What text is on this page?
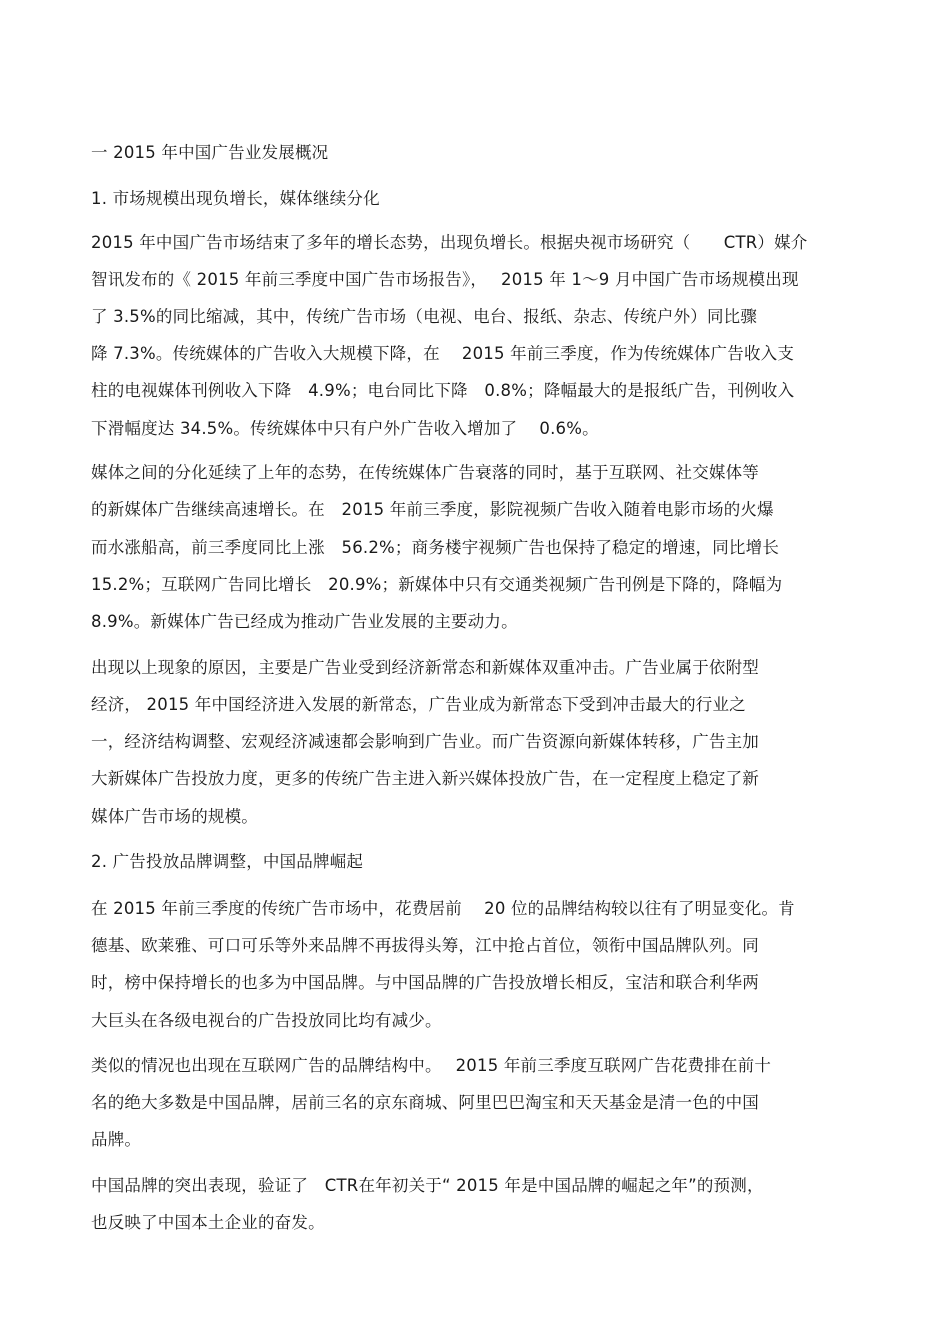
一 2015 年中国广告业发展概况
1. 市场规模出现负增长，媒体继续分化
2015 年中国广告市场结束了多年的增长态势，出现负增长。根据央视市场研究（　　CTR）媒介
智讯发布的《 2015 年前三季度中国广告市场报告》，　 2015 年 1～9 月中国广告市场规模出现
了 3.5%的同比缩减，其中，传统广告市场（电视、电台、报纸、杂志、传统户外）同比骤
降 7.3%。传统媒体的广告收入大规模下降，在　 2015 年前三季度，作为传统媒体广告收入支
柱的电视媒体刊例收入下降　4.9%；电台同比下降　0.8%；降幅最大的是报纸广告，刊例收入
下滑幅度达 34.5%。传统媒体中只有户外广告收入增加了　 0.6%。
媒体之间的分化延续了上年的态势，在传统媒体广告衰落的同时，基于互联网、社交媒体等
的新媒体广告继续高速增长。在　2015 年前三季度，影院视频广告收入随着电影市场的火爆
而水涨船高，前三季度同比上涨　56.2%；商务楼宇视频广告也保持了稳定的增速，同比增长
15.2%；互联网广告同比增长　20.9%；新媒体中只有交通类视频广告刊例是下降的，降幅为
8.9%。新媒体广告已经成为推动广告业发展的主要动力。
出现以上现象的原因，主要是广告业受到经济新常态和新媒体双重冲击。广告业属于依附型
经济， 2015 年中国经济进入发展的新常态，广告业成为新常态下受到冲击最大的行业之
一，经济结构调整、宏观经济减速都会影响到广告业。而广告资源向新媒体转移，广告主加
大新媒体广告投放力度，更多的传统广告主进入新兴媒体投放广告，在一定程度上稳定了新
媒体广告市场的规模。
2. 广告投放品牌调整，中国品牌崛起
在 2015 年前三季度的传统广告市场中，花费居前　 20 位的品牌结构较以往有了明显变化。肯
德基、欧莱雅、可口可乐等外来品牌不再拔得头筹，江中抢占首位，领衔中国品牌队列。同
时，榜中保持增长的也多为中国品牌。与中国品牌的广告投放增长相反，宝洁和联合利华两
大巨头在各级电视台的广告投放同比均有减少。
类似的情况也出现在互联网广告的品牌结构中。　 2015 年前三季度互联网广告花费排在前十
名的绝大多数是中国品牌，居前三名的京东商城、阿里巴巴淘宝和天天基金是清一色的中国
品牌。
中国品牌的突出表现，验证了　CTR在年初关于“ 2015 年是中国品牌的崛起之年”的预测，
也反映了中国本土企业的奋发。
